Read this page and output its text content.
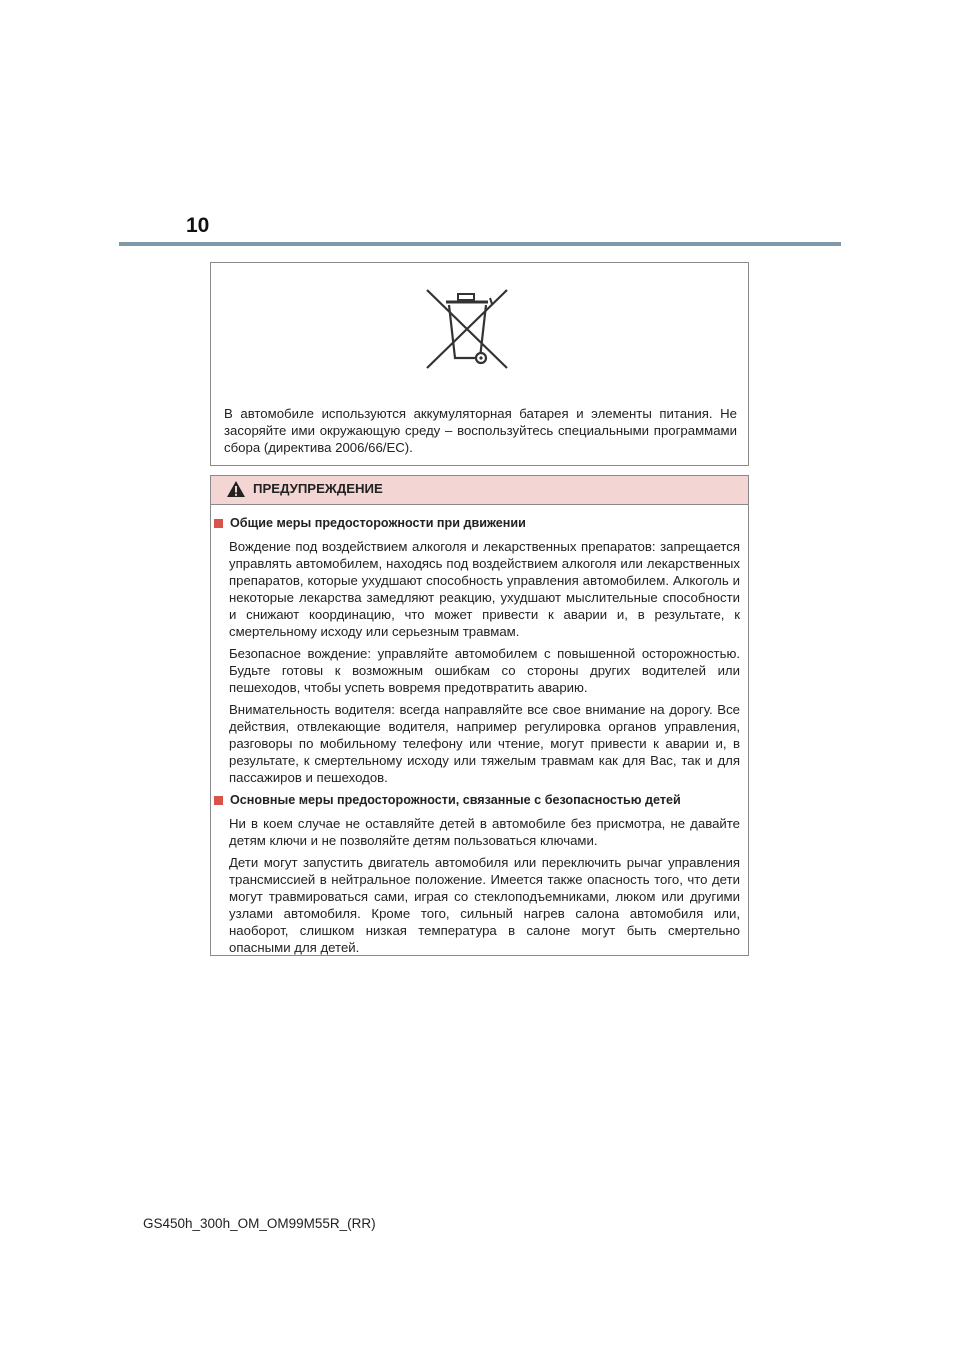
10
В автомобиле используются аккумуляторная батарея и элементы питания. Не засоряйте ими окружающую среду – воспользуйтесь специальными программами сбора (директива 2006/66/EC).
ПРЕДУПРЕЖДЕНИЕ
Общие меры предосторожности при движении

Вождение под воздействием алкоголя и лекарственных препаратов: запрещается управлять автомобилем, находясь под воздействием алкоголя или лекарственных препаратов, которые ухудшают способность управления автомобилем. Алкоголь и некоторые лекарства замедляют реакцию, ухудшают мыслительные способности и снижают координацию, что может привести к аварии и, в результате, к смертельному исходу или серьезным травмам.

Безопасное вождение: управляйте автомобилем с повышенной осторожностью. Будьте готовы к возможным ошибкам со стороны других водителей или пешеходов, чтобы успеть вовремя предотвратить аварию.

Внимательность водителя: всегда направляйте все свое внимание на дорогу. Все действия, отвлекающие водителя, например регулировка органов управления, разговоры по мобильному телефону или чтение, могут привести к аварии и, в результате, к смертельному исходу или тяжелым травмам как для Вас, так и для пассажиров и пешеходов.

Основные меры предосторожности, связанные с безопасностью детей

Ни в коем случае не оставляйте детей в автомобиле без присмотра, не давайте детям ключи и не позволяйте детям пользоваться ключами.

Дети могут запустить двигатель автомобиля или переключить рычаг управления трансмиссией в нейтральное положение. Имеется также опасность того, что дети могут травмироваться сами, играя со стеклоподъемниками, люком или другими узлами автомобиля. Кроме того, сильный нагрев салона автомобиля или, наоборот, слишком низкая температура в салоне могут быть смертельно опасными для детей.

GS450h_300h_OM_OM99M55R_(RR)
